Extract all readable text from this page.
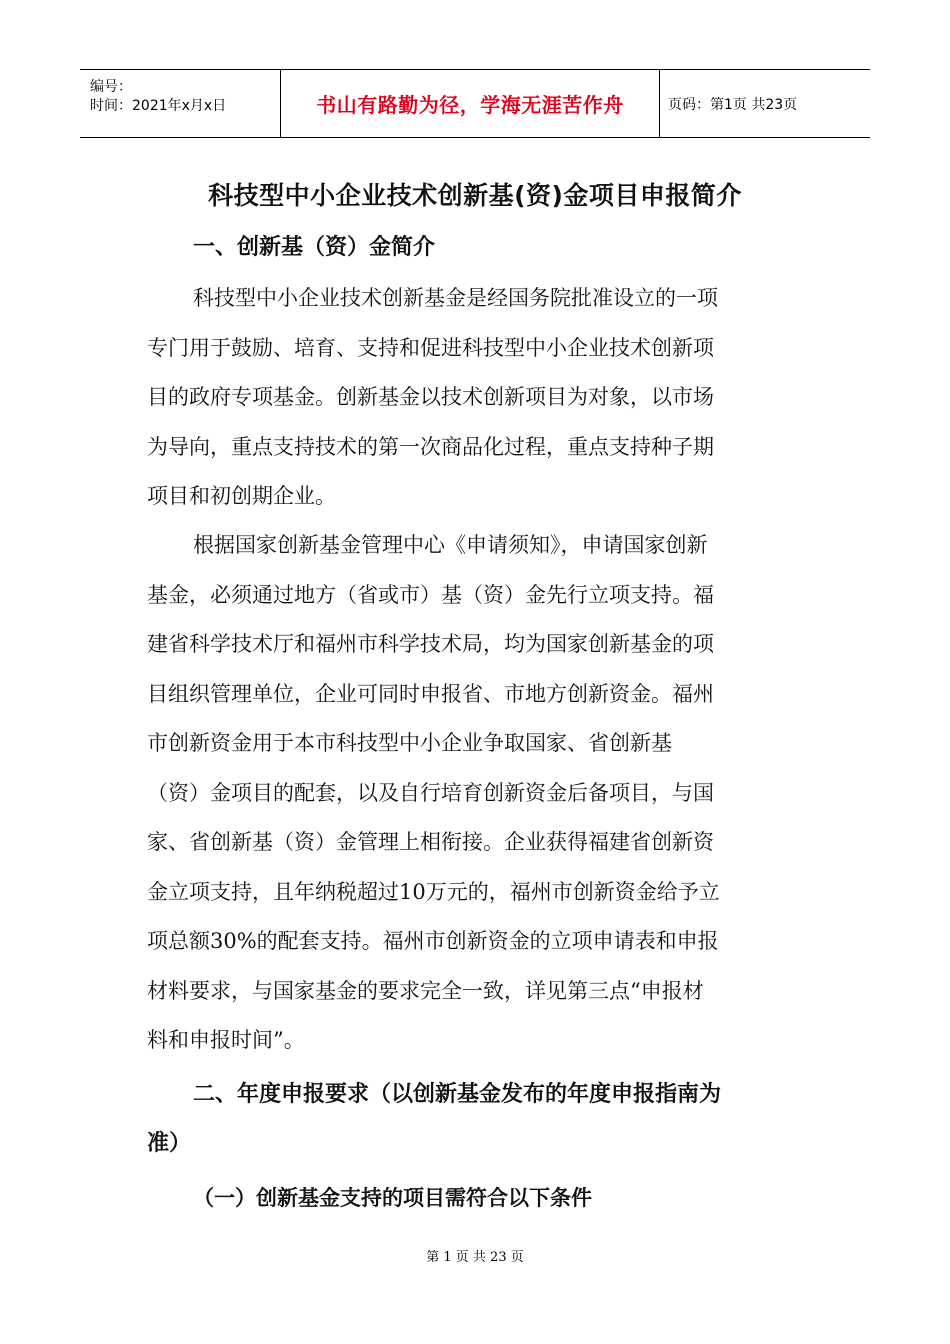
编号：
时间：2021年x月x日	书山有路勤为径，学海无涯苦作舟	页码：第1页 共23页
科技型中小企业技术创新基(资)金项目申报简介
一、创新基（资）金简介
科技型中小企业技术创新基金是经国务院批准设立的一项
专门用于鼓励、培育、支持和促进科技型中小企业技术创新项
目的政府专项基金。创新基金以技术创新项目为对象，以市场
为导向，重点支持技术的第一次商品化过程，重点支持种子期
项目和初创期企业。
根据国家创新基金管理中心《申请须知》，申请国家创新
基金，必须通过地方（省或市）基（资）金先行立项支持。福
建省科学技术厅和福州市科学技术局，均为国家创新基金的项
目组织管理单位，企业可同时申报省、市地方创新资金。福州
市创新资金用于本市科技型中小企业争取国家、省创新基
（资）金项目的配套，以及自行培育创新资金后备项目，与国
家、省创新基（资）金管理上相衔接。企业获得福建省创新资
金立项支持，且年纳税超过10万元的，福州市创新资金给予立
项总额30%的配套支持。福州市创新资金的立项申请表和申报
材料要求，与国家基金的要求完全一致，详见第三点“申报材
料和申报时间”。
二、年度申报要求（以创新基金发布的年度申报指南为
准）
（一）创新基金支持的项目需符合以下条件
第 1 页 共 23 页
